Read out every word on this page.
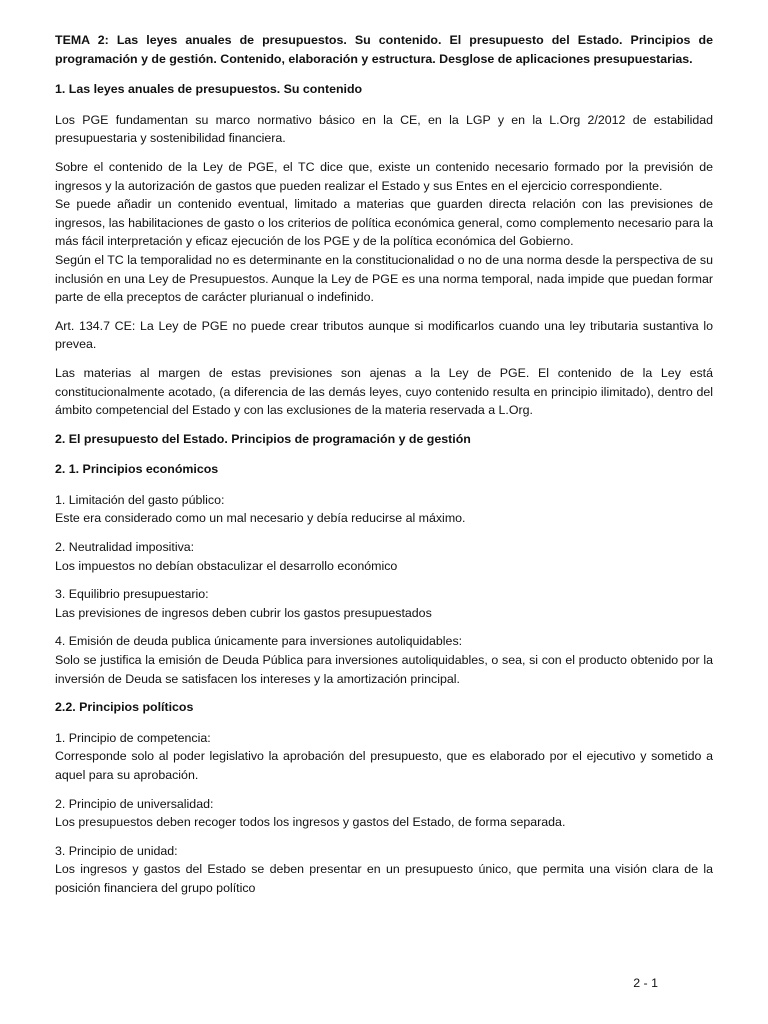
TEMA 2: Las leyes anuales de presupuestos. Su contenido. El presupuesto del Estado. Principios de programación y de gestión. Contenido, elaboración y estructura. Desglose de aplicaciones presupuestarias.

1. Las leyes anuales de presupuestos. Su contenido

Los PGE fundamentan su marco normativo básico en la CE, en la LGP y en la L.Org 2/2012 de estabilidad presupuestaria y sostenibilidad financiera.

Sobre el contenido de la Ley de PGE, el TC dice que, existe un contenido necesario formado por la previsión de ingresos y la autorización de gastos que pueden realizar el Estado y sus Entes en el ejercicio correspondiente.

Se puede añadir un contenido eventual, limitado a materias que guarden directa relación con las previsiones de ingresos, las habilitaciones de gasto o los criterios de política económica general, como complemento necesario para la más fácil interpretación y eficaz ejecución de los PGE y de la política económica del Gobierno.

Según el TC la temporalidad no es determinante en la constitucionalidad o no de una norma desde la perspectiva de su inclusión en una Ley de Presupuestos. Aunque la Ley de PGE es una norma temporal, nada impide que puedan formar parte de ella preceptos de carácter plurianual o indefinido.

Art. 134.7 CE: La Ley de PGE no puede crear tributos aunque si modificarlos cuando una ley tributaria sustantiva lo prevea.

Las materias al margen de estas previsiones son ajenas a la Ley de PGE. El contenido de la Ley está constitucionalmente acotado, (a diferencia de las demás leyes, cuyo contenido resulta en principio ilimitado), dentro del ámbito competencial del Estado y con las exclusiones de la materia reservada a L.Org.

2. El presupuesto del Estado. Principios de programación y de gestión

2. 1. Principios económicos

1. Limitación del gasto público:
Este era considerado como un mal necesario y debía reducirse al máximo.

2. Neutralidad impositiva:
Los impuestos no debían obstaculizar el desarrollo económico

3. Equilibrio presupuestario:
Las previsiones de ingresos deben cubrir los gastos presupuestados

4. Emisión de deuda publica únicamente para inversiones autoliquidables:
Solo se justifica la emisión de Deuda Pública para inversiones autoliquidables, o sea, si con el producto obtenido por la inversión de Deuda se satisfacen los intereses y la amortización principal.

2.2. Principios políticos

1. Principio de competencia:
Corresponde solo al poder legislativo la aprobación del presupuesto, que es elaborado por el ejecutivo y sometido a aquel para su aprobación.

2. Principio de universalidad:
Los presupuestos deben recoger todos los ingresos y gastos del Estado, de forma separada.

3. Principio de unidad:
Los ingresos y gastos del Estado se deben presentar en un presupuesto único, que permita una visión clara de la posición financiera del grupo político

2 - 1
